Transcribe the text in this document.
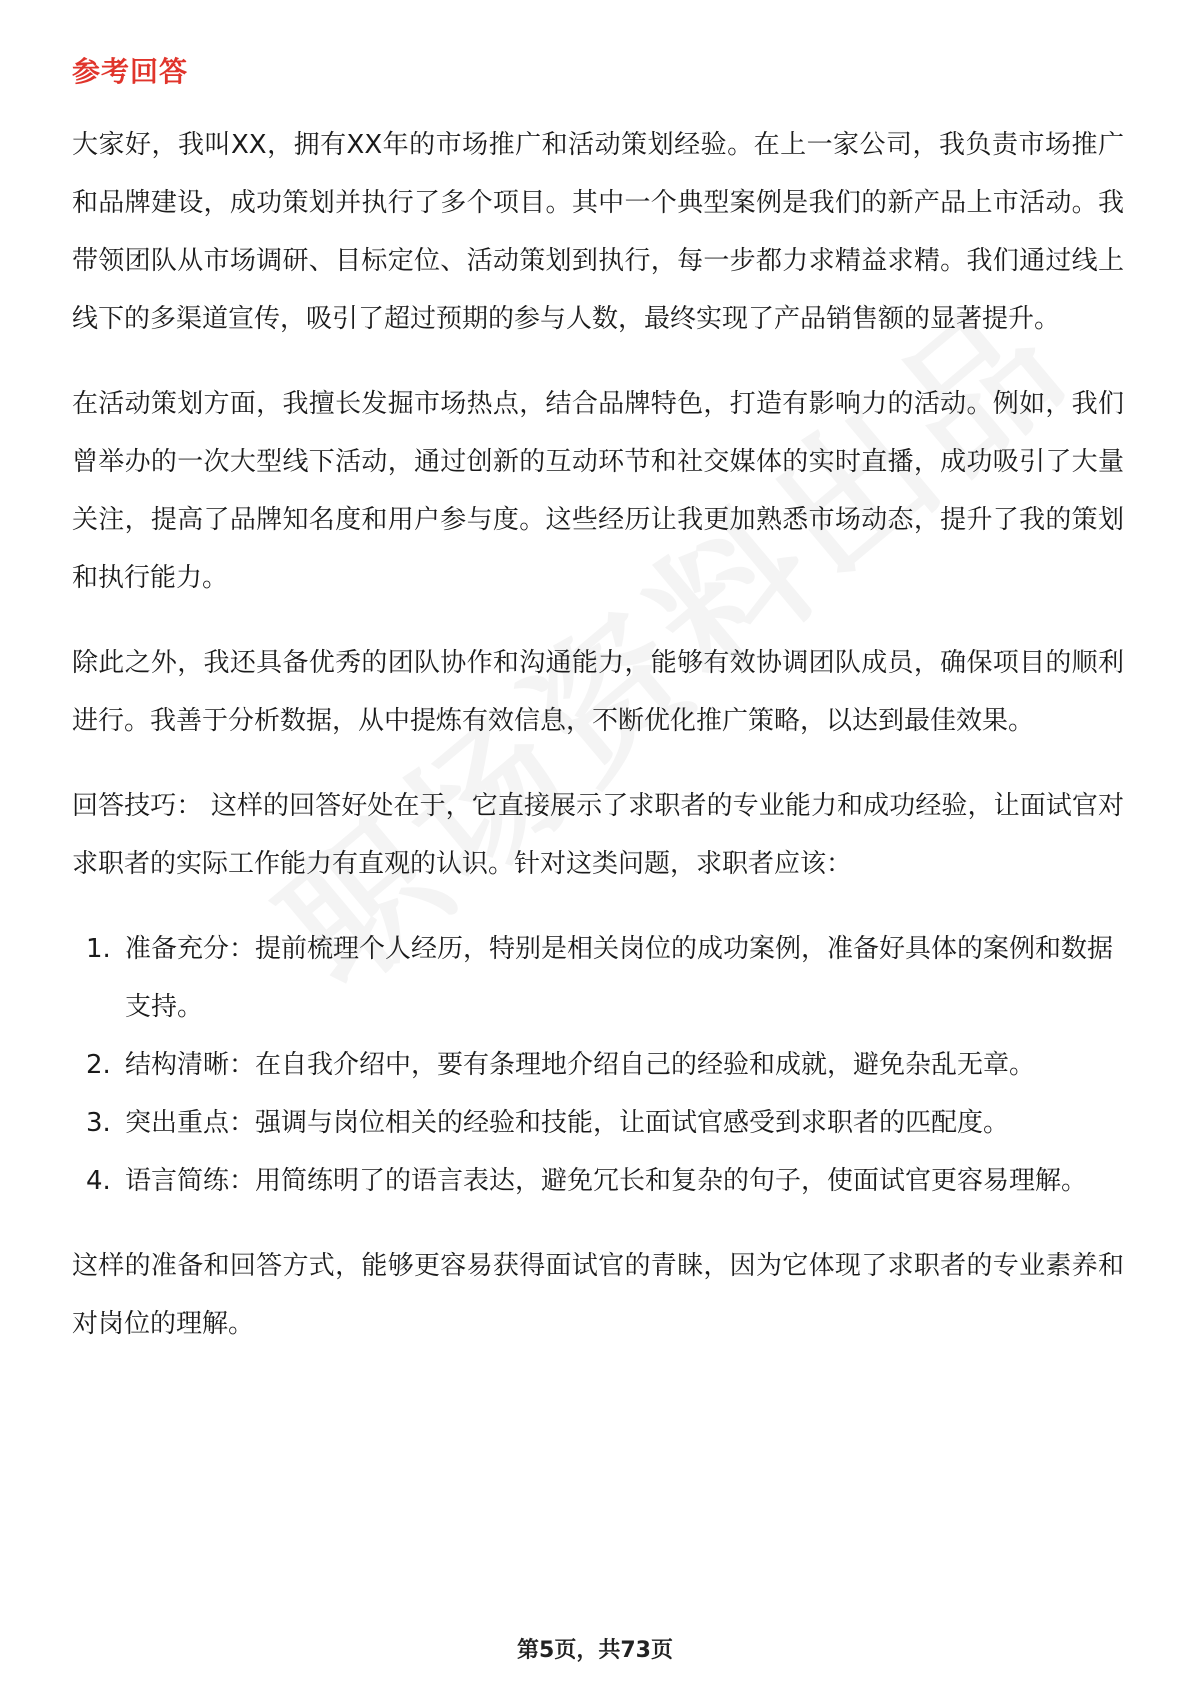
参考回答

大家好，我叫XX，拥有XX年的市场推广和活动策划经验。在上一家公司，我负责市场推广和品牌建设，成功策划并执行了多个项目。其中一个典型案例是我们的新产品上市活动。我带领团队从市场调研、目标定位、活动策划到执行，每一步都力求精益求精。我们通过线上线下的多渠道宣传，吸引了超过预期的参与人数，最终实现了产品销售额的显著提升。

在活动策划方面，我擅长发掘市场热点，结合品牌特色，打造有影响力的活动。例如，我们曾举办的一次大型线下活动，通过创新的互动环节和社交媒体的实时直播，成功吸引了大量关注，提高了品牌知名度和用户参与度。这些经历让我更加熟悉市场动态，提升了我的策划和执行能力。

除此之外，我还具备优秀的团队协作和沟通能力，能够有效协调团队成员，确保项目的顺利进行。我善于分析数据，从中提炼有效信息，不断优化推广策略，以达到最佳效果。

回答技巧： 这样的回答好处在于，它直接展示了求职者的专业能力和成功经验，让面试官对求职者的实际工作能力有直观的认识。针对这类问题，求职者应该：

1. 准备充分：提前梳理个人经历，特别是相关岗位的成功案例，准备好具体的案例和数据支持。
2. 结构清晰：在自我介绍中，要有条理地介绍自己的经验和成就，避免杂乱无章。
3. 突出重点：强调与岗位相关的经验和技能，让面试官感受到求职者的匹配度。
4. 语言简练：用简练明了的语言表达，避免冗长和复杂的句子，使面试官更容易理解。

这样的准备和回答方式，能够更容易获得面试官的青睐，因为它体现了求职者的专业素养和对岗位的理解。

第5页，共73页
